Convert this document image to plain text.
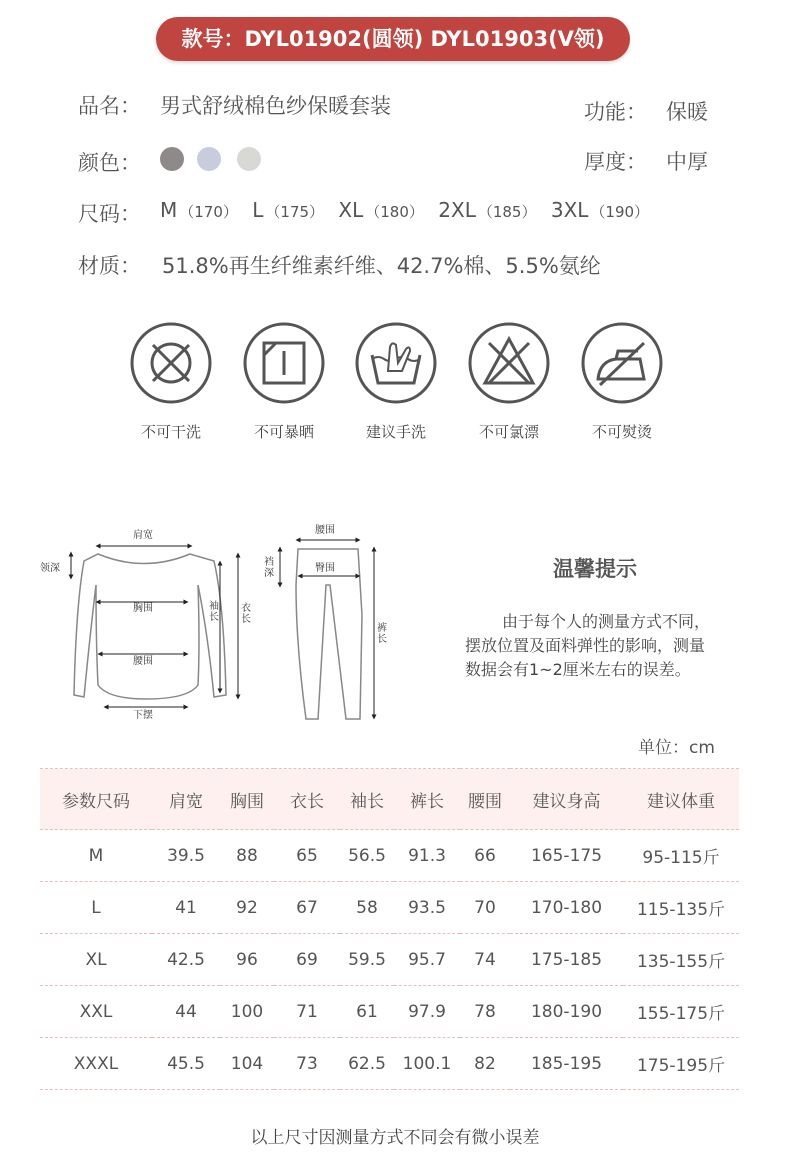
款号：DYL01902(圆领) DYL01903(V领)
品名： 男式舒绒棉色纱保暖套装	功能： 保暖
颜色：	厚度： 中厚
尺码： M （170） L （175） XL （180） 2XL （185） 3XL （190）
材质： 51.8%再生纤维素纤维、42.7%棉、5.5%氨纶
不可干洗	不可暴晒	建议手洗	不可氯漂	不可熨烫
肩宽
领深
胸围
腰围
下摆
袖长
衣长
腰围
臀围
裆深
裤长
温馨提示
由于每个人的测量方式不同，
摆放位置及面料弹性的影响，测量
数据会有1~2厘米左右的误差。
单位：cm
参数尺码	肩宽	胸围	衣长	袖长	裤长	腰围	建议身高	建议体重
M	39.5	88	65	56.5	91.3	66	165-175	95-115斤
L	41	92	67	58	93.5	70	170-180	115-135斤
XL	42.5	96	69	59.5	95.7	74	175-185	135-155斤
XXL	44	100	71	61	97.9	78	180-190	155-175斤
XXXL	45.5	104	73	62.5	100.1	82	185-195	175-195斤
以上尺寸因测量方式不同会有微小误差
